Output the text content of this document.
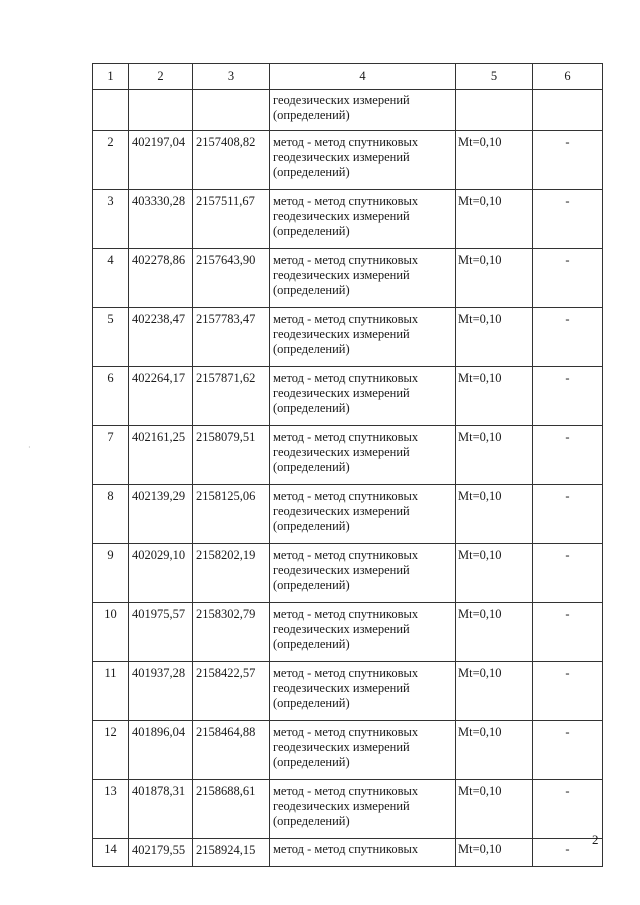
·
1	2	3	4	5	6

			геодезических измерений
(определений)		

2	402197,04	2157408,82	метод - метод спутниковых
геодезических измерений
(определений)	Mt=0,10	-
3	403330,28	2157511,67	метод - метод спутниковых
геодезических измерений
(определений)	Mt=0,10	-
4	402278,86	2157643,90	метод - метод спутниковых
геодезических измерений
(определений)	Mt=0,10	-
5	402238,47	2157783,47	метод - метод спутниковых
геодезических измерений
(определений)	Mt=0,10	-
6	402264,17	2157871,62	метод - метод спутниковых
геодезических измерений
(определений)	Mt=0,10	-
7	402161,25	2158079,51	метод - метод спутниковых
геодезических измерений
(определений)	Mt=0,10	-
8	402139,29	2158125,06	метод - метод спутниковых
геодезических измерений
(определений)	Mt=0,10	-
9	402029,10	2158202,19	метод - метод спутниковых
геодезических измерений
(определений)	Mt=0,10	-
10	401975,57	2158302,79	метод - метод спутниковых
геодезических измерений
(определений)	Mt=0,10	-
11	401937,28	2158422,57	метод - метод спутниковых
геодезических измерений
(определений)	Mt=0,10	-
12	401896,04	2158464,88	метод - метод спутниковых
геодезических измерений
(определений)	Mt=0,10	-
13	401878,31	2158688,61	метод - метод спутниковых
геодезических измерений
(определений)	Mt=0,10	-
14	402179,55	2158924,15	метод - метод спутниковых	Mt=0,10	-
2
